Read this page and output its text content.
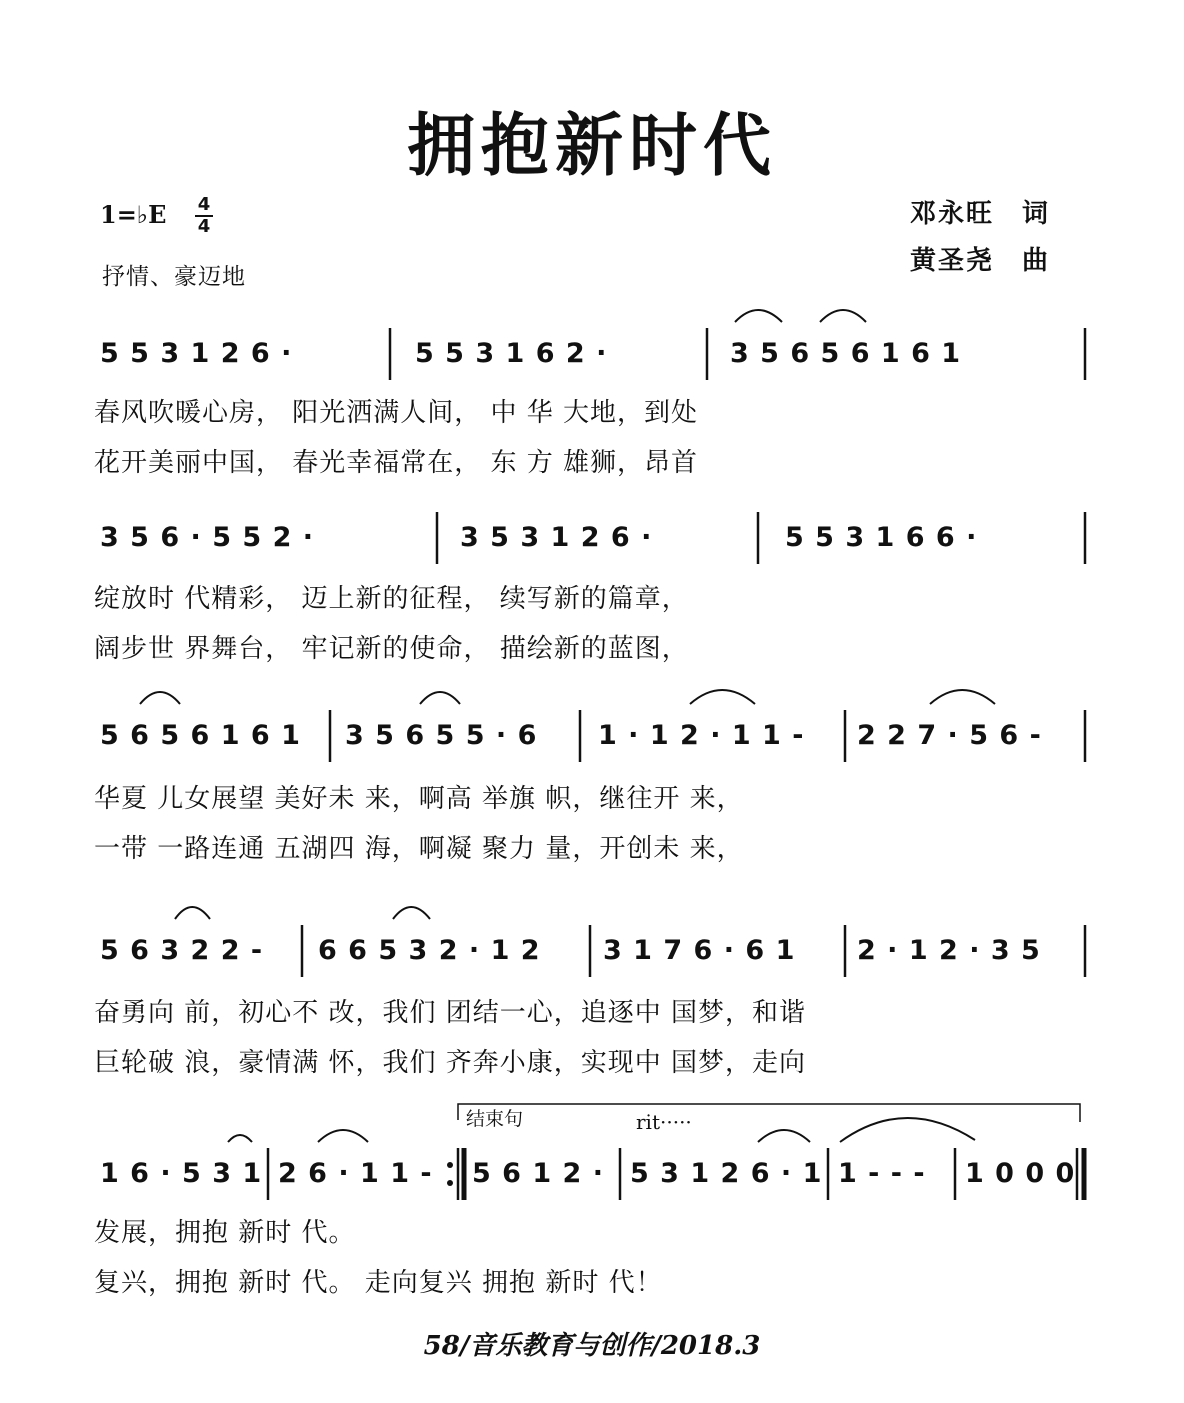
拥抱新时代
1=♭E 4
4
抒情、豪迈地
邓永旺　词
黄圣尧　曲
5 5 3 1 2 6 ·	5 5 3 1 6 2 ·	3 5 6 5 6 1 6 1
春风吹暖心房， 阳光洒满人间， 中 华 大地，到处
花开美丽中国， 春光幸福常在， 东 方 雄狮，昂首
3 5 6 · 5 5 2 ·	3 5 3 1 2 6 ·	5 5 3 1 6 6 ·
绽放时 代精彩， 迈上新的征程， 续写新的篇章，
阔步世 界舞台， 牢记新的使命， 描绘新的蓝图，
5 6 5 6 1 6 1 3 5 6 5 5 · 6 1 · 1 2 · 1 1 - 2 2 7 · 5 6 -
华夏 儿女展望 美好未 来，啊高 举旗 帜，继往开 来，
一带 一路连通 五湖四 海，啊凝 聚力 量，开创未 来，
5 6 3 2 2 - 6 6 5 3 2 · 1 2 3 1 7 6 · 6 1 2 · 1 2 · 3 5
奋勇向 前，初心不 改，我们 团结一心，追逐中 国梦，和谐
巨轮破 浪，豪情满 怀，我们 齐奔小康，实现中 国梦，走向
结束句	rit·····
1 6 · 5 3 1 2 6 · 1 1 - 5 6 1 2 · 5 3 1 2 6 · 1 1 - - - 1 0 0 0
发展，拥抱 新时 代。
复兴，拥抱 新时 代。 走向复兴 拥抱 新时 代！
58/音乐教育与创作/2018.3
